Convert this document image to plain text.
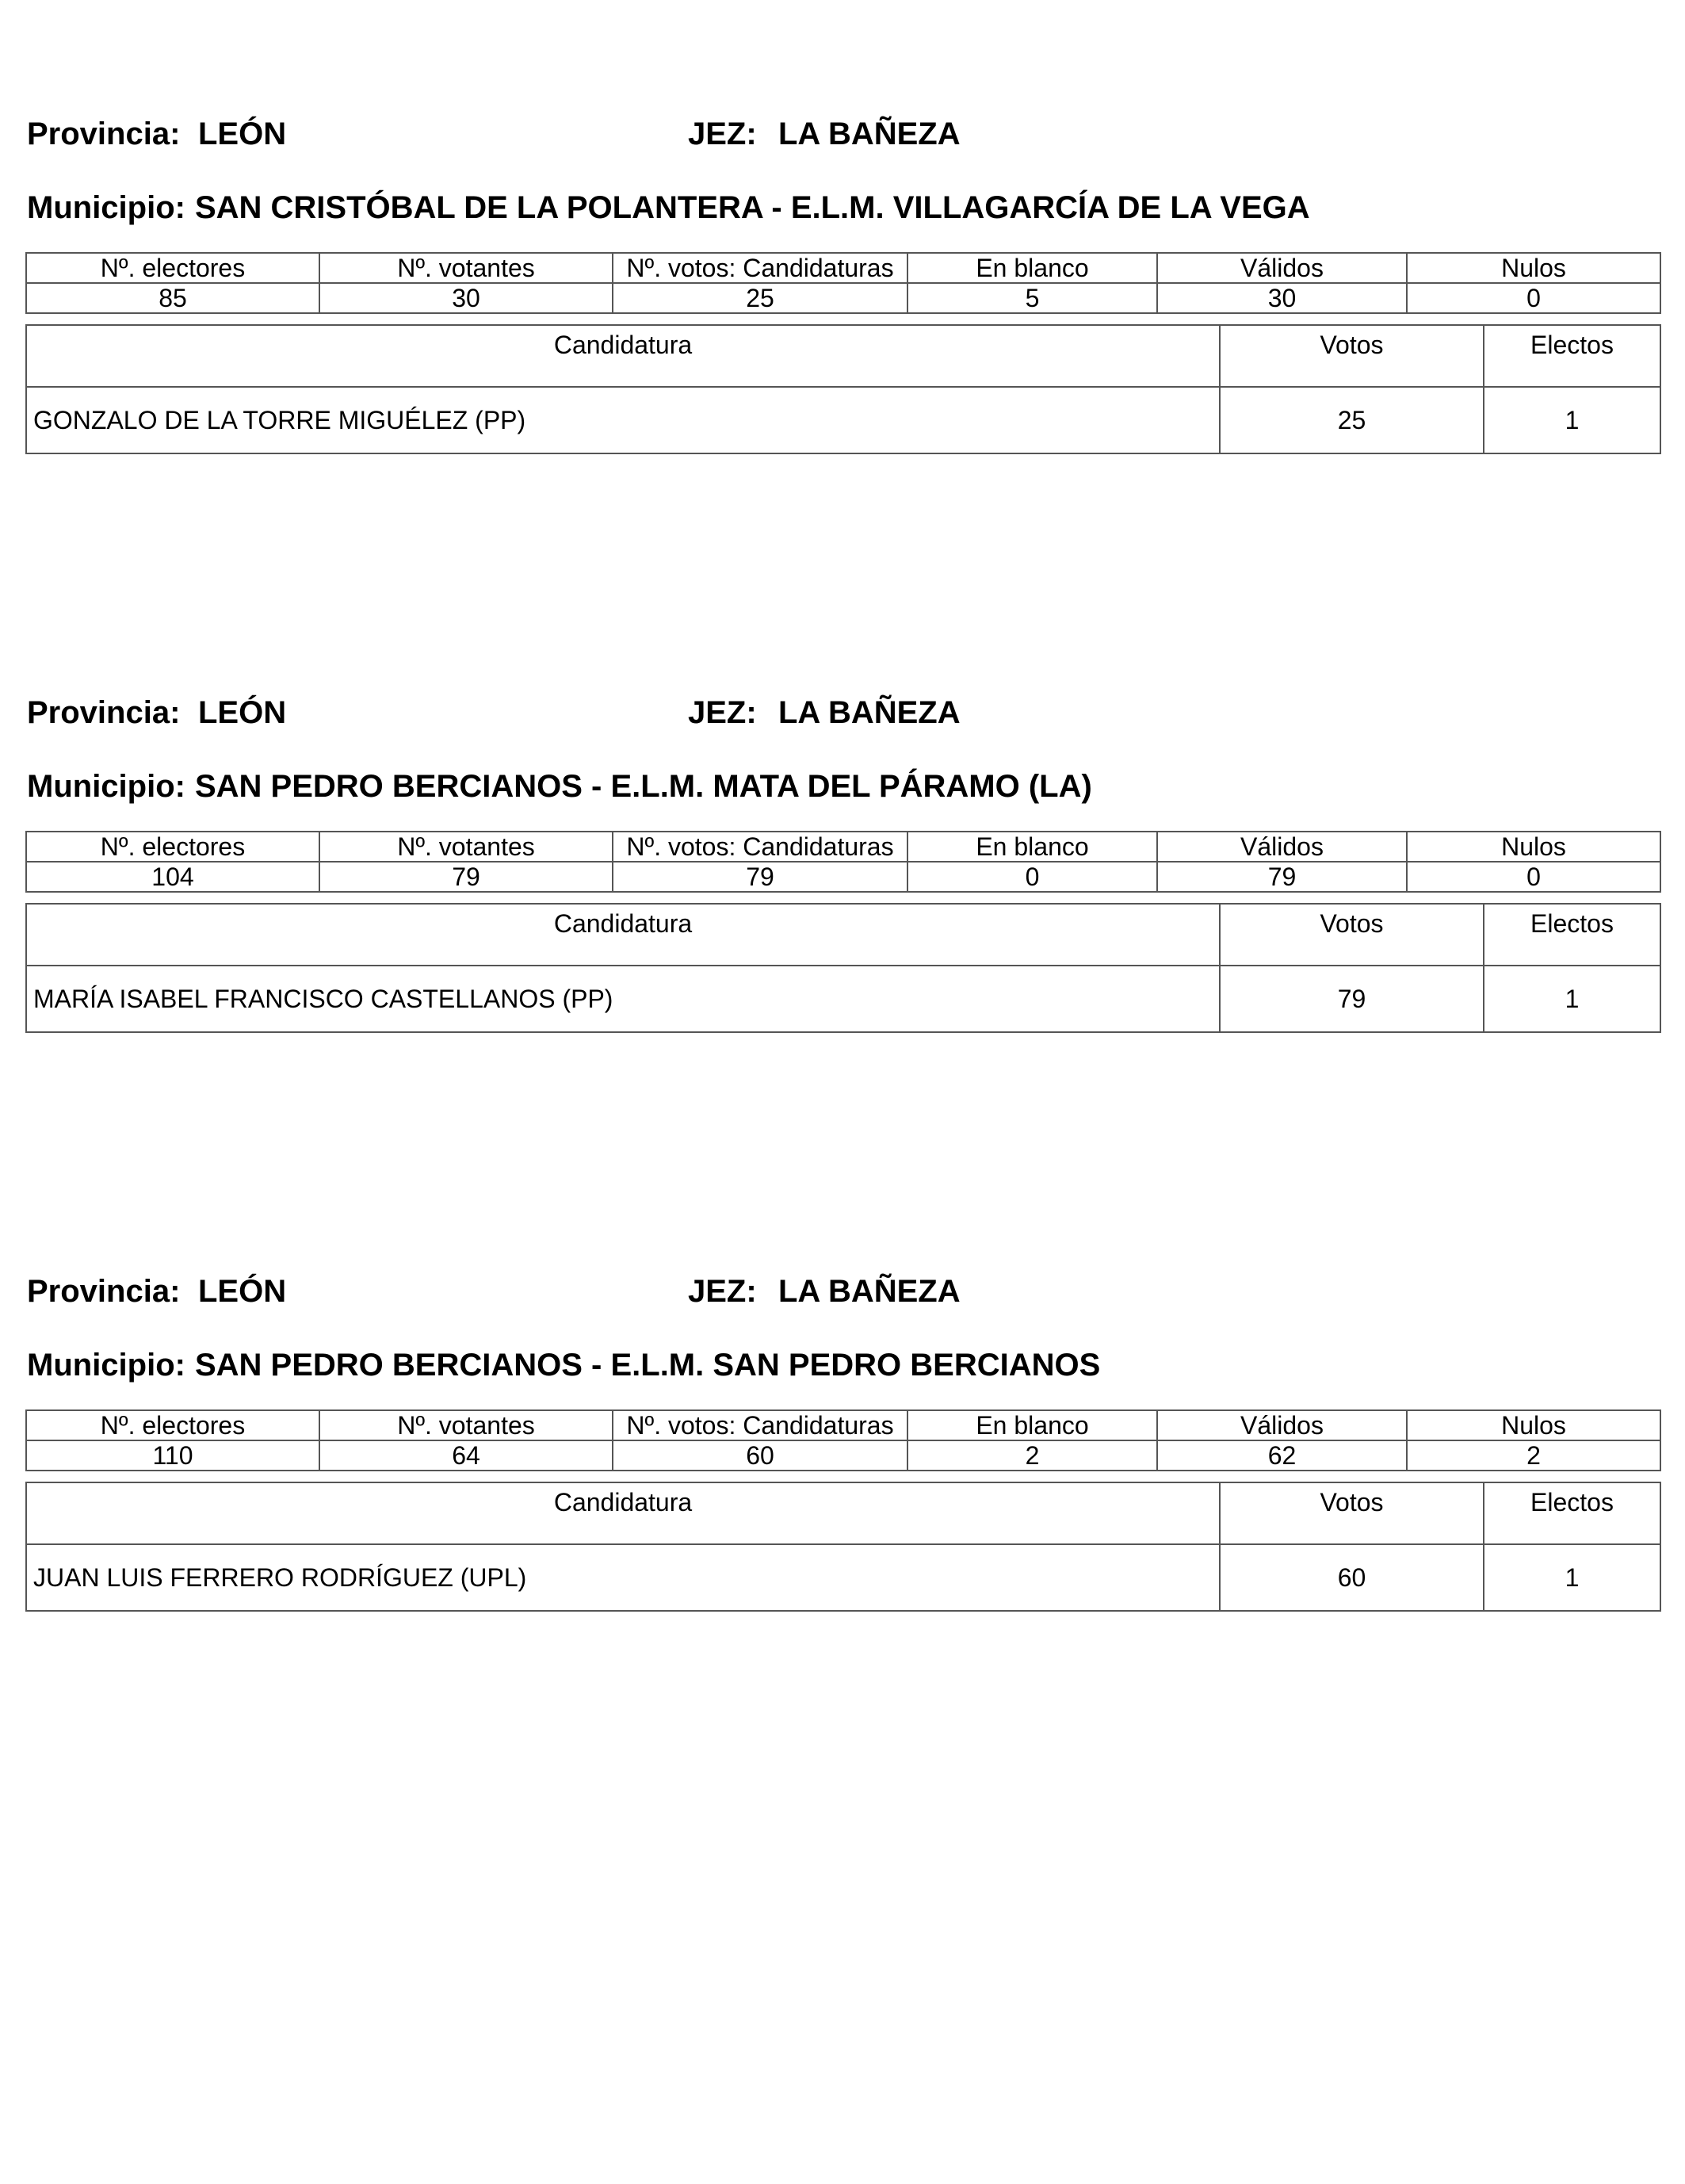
Provincia: LEÓN	JEZ: LA BAÑEZA
Municipio: SAN CRISTÓBAL DE LA POLANTERA - E.L.M. VILLAGARCÍA DE LA VEGA
Nº. electores	Nº. votantes	Nº. votos: Candidaturas	En blanco	Válidos	Nulos
85	30	25	5	30	0
Candidatura	Votos	Electos
GONZALO DE LA TORRE MIGUÉLEZ (PP)	25	1
Provincia: LEÓN	JEZ: LA BAÑEZA
Municipio: SAN PEDRO BERCIANOS - E.L.M. MATA DEL PÁRAMO (LA)
Nº. electores	Nº. votantes	Nº. votos: Candidaturas	En blanco	Válidos	Nulos
104	79	79	0	79	0
Candidatura	Votos	Electos
MARÍA ISABEL FRANCISCO CASTELLANOS (PP)	79	1
Provincia: LEÓN	JEZ: LA BAÑEZA
Municipio: SAN PEDRO BERCIANOS - E.L.M. SAN PEDRO BERCIANOS
Nº. electores	Nº. votantes	Nº. votos: Candidaturas	En blanco	Válidos	Nulos
110	64	60	2	62	2
Candidatura	Votos	Electos
JUAN LUIS FERRERO RODRÍGUEZ (UPL)	60	1
